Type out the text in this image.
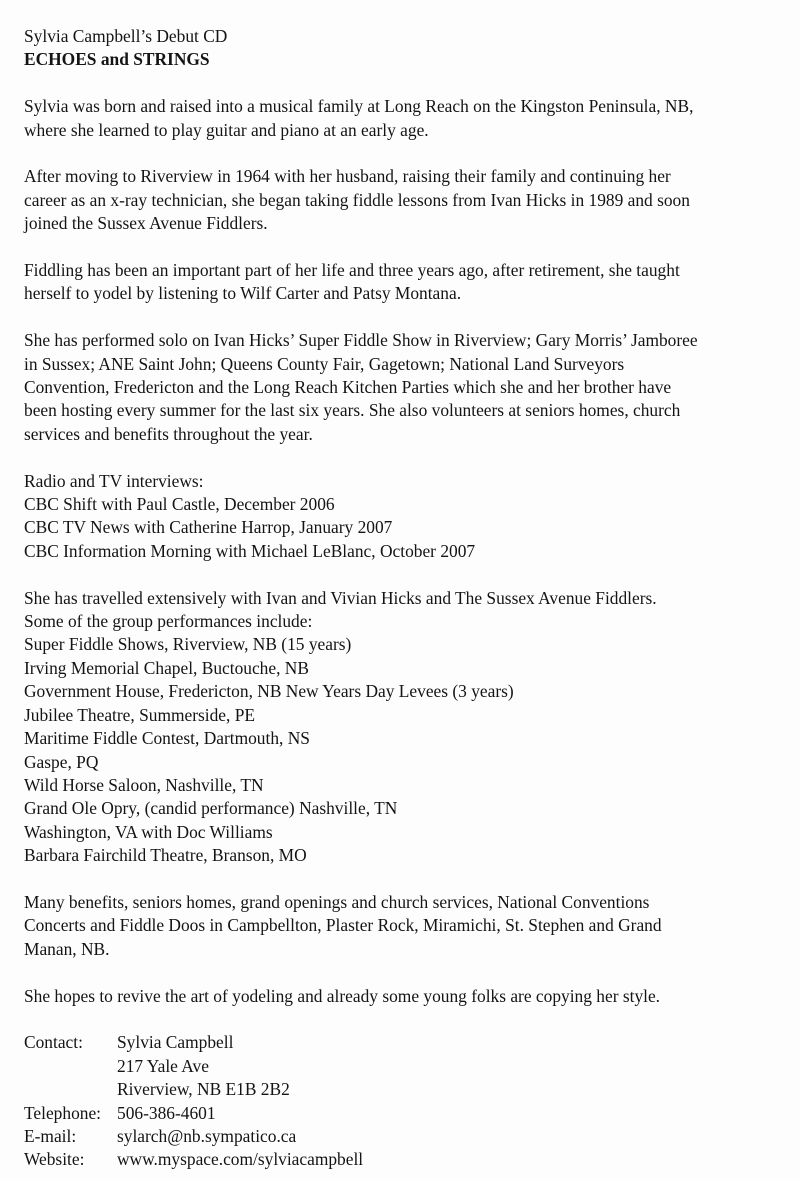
Sylvia Campbell’s Debut CD
ECHOES and STRINGS
Sylvia was born and raised into a musical family at Long Reach on the Kingston Peninsula, NB,
where she learned to play guitar and piano at an early age.
After moving to Riverview in 1964 with her husband, raising their family and continuing her
career as an x-ray technician, she began taking fiddle lessons from Ivan Hicks in 1989 and soon
joined the Sussex Avenue Fiddlers.
Fiddling has been an important part of her life and three years ago, after retirement, she taught
herself to yodel by listening to Wilf Carter and Patsy Montana.
She has performed solo on Ivan Hicks’ Super Fiddle Show in Riverview; Gary Morris’ Jamboree
in Sussex; ANE Saint John; Queens County Fair, Gagetown; National Land Surveyors
Convention, Fredericton and the Long Reach Kitchen Parties which she and her brother have
been hosting every summer for the last six years. She also volunteers at seniors homes, church
services and benefits throughout the year.
Radio and TV interviews:
CBC Shift with Paul Castle, December 2006
CBC TV News with Catherine Harrop, January 2007
CBC Information Morning with Michael LeBlanc, October 2007
She has travelled extensively with Ivan and Vivian Hicks and The Sussex Avenue Fiddlers.
Some of the group performances include:
Super Fiddle Shows, Riverview, NB (15 years)
Irving Memorial Chapel, Buctouche, NB
Government House, Fredericton, NB New Years Day Levees (3 years)
Jubilee Theatre, Summerside, PE
Maritime Fiddle Contest, Dartmouth, NS
Gaspe, PQ
Wild Horse Saloon, Nashville, TN
Grand Ole Opry, (candid performance) Nashville, TN
Washington, VA with Doc Williams
Barbara Fairchild Theatre, Branson, MO
Many benefits, seniors homes, grand openings and church services, National Conventions
Concerts and Fiddle Doos in Campbellton, Plaster Rock, Miramichi, St. Stephen and Grand
Manan, NB.
She hopes to revive the art of yodeling and already some young folks are copying her style.
Contact: Sylvia Campbell
217 Yale Ave
Riverview, NB E1B 2B2
Telephone: 506-386-4601
E-mail: sylarch@nb.sympatico.ca
Website: www.myspace.com/sylviacampbell
